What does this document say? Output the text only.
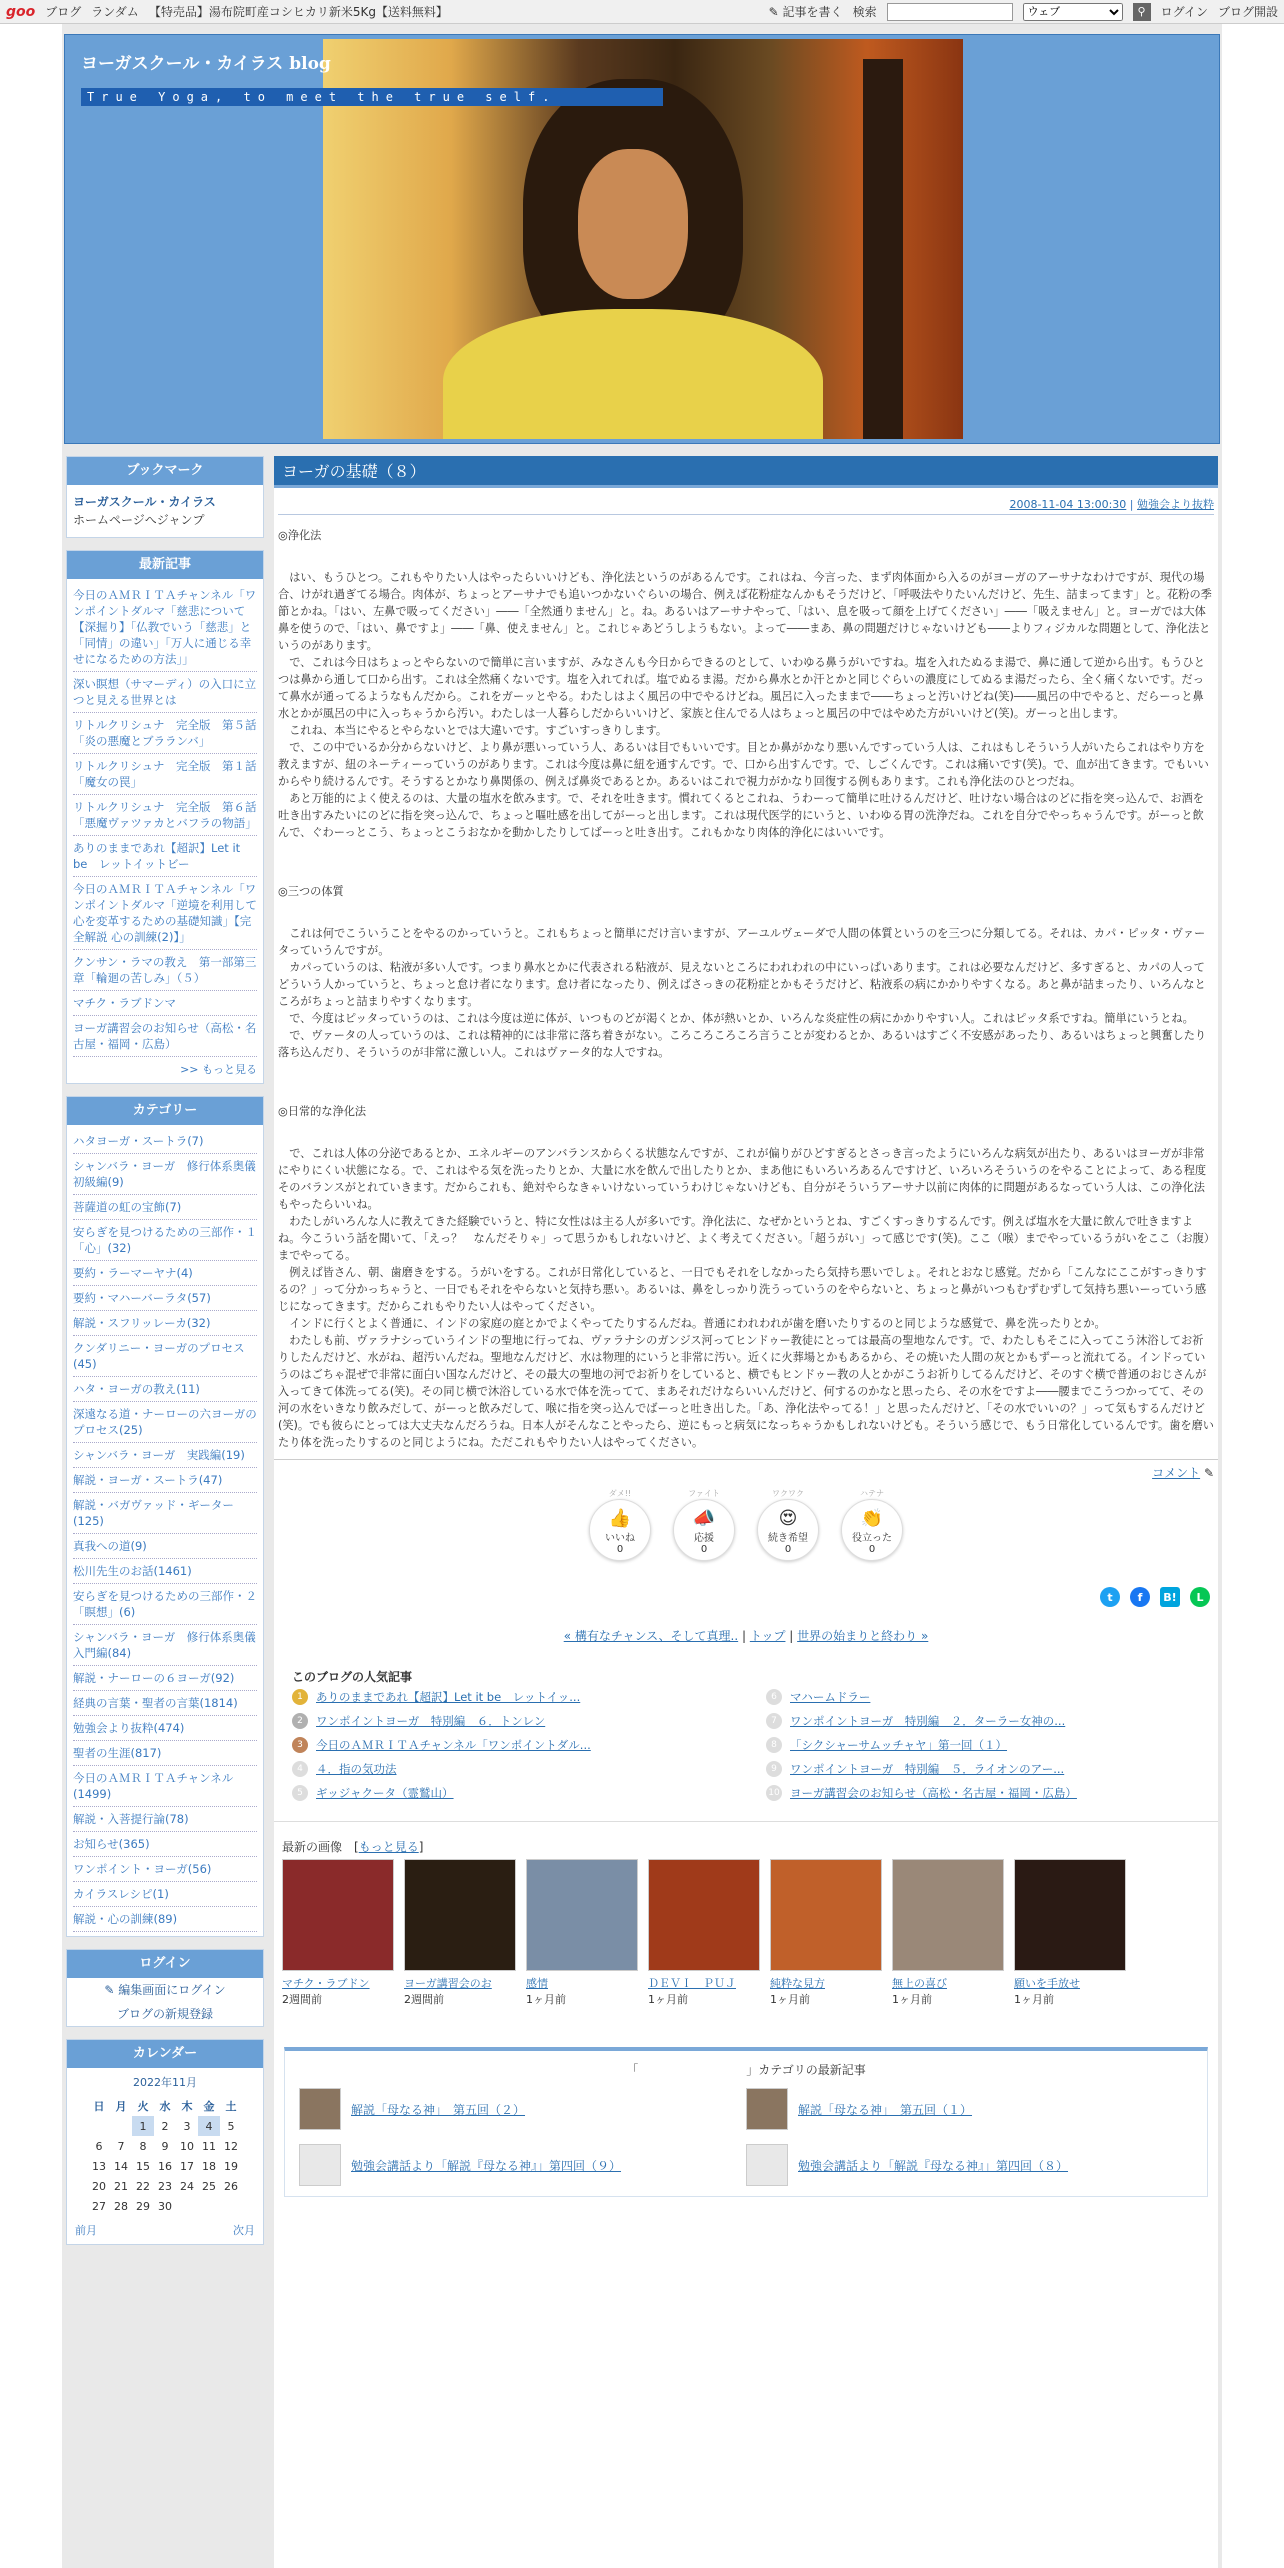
goo ブログ ランダム 【特売品】湯布院町産コシヒカリ新米5Kg【送料無料】	✎ 記事を書く 検索
ウェブ	⚲	ログイン ブログ開設
ヨーガスクール・カイラス blog
True Yoga, to meet the true self.
ブックマーク
ヨーガスクール・カイラス
ホームページへジャンプ
最新記事
今日のＡＭＲＩＴＡチャンネル「ワンポイントダルマ「慈悲について【深掘り】「仏教でいう「慈悲」と「同情」の違い」「万人に通じる幸せになるための方法」」
深い瞑想（サマーディ）の入口に立つと見える世界とは
リトルクリシュナ　完全版　第５話「炎の悪魔とブラランバ」
リトルクリシュナ　完全版　第１話「魔女の罠」
リトルクリシュナ　完全版　第６話「悪魔ヴァツァカとバフラの物語」
ありのままであれ【超訳】Let it be　レットイットビー
今日のＡＭＲＩＴＡチャンネル「ワンポイントダルマ「逆境を利用して心を変革するための基礎知識」【完全解説 心の訓練(2)】」
クンサン・ラマの教え　第一部第三章「輪廻の苦しみ」（５）
マチク・ラブドンマ
ヨーガ講習会のお知らせ（高松・名古屋・福岡・広島）
>> もっと見る
カテゴリー
ハタヨーガ・スートラ(7)
シャンバラ・ヨーガ　修行体系奥儀　初級編(9)
菩薩道の虹の宝飾(7)
安らぎを見つけるための三部作・１「心」(32)
要約・ラーマーヤナ(4)
要約・マハーバーラタ(57)
解説・スフリッレーカ(32)
クンダリニー・ヨーガのプロセス(45)
ハタ・ヨーガの教え(11)
深遠なる道・ナーローの六ヨーガのプロセス(25)
シャンバラ・ヨーガ　実践編(19)
解説・ヨーガ・スートラ(47)
解説・バガヴァッド・ギーター(125)
真我への道(9)
松川先生のお話(1461)
安らぎを見つけるための三部作・２「瞑想」(6)
シャンバラ・ヨーガ　修行体系奥儀　入門編(84)
解説・ナーローの６ヨーガ(92)
経典の言葉・聖者の言葉(1814)
勉強会より抜粋(474)
聖者の生涯(817)
今日のＡＭＲＩＴＡチャンネル(1499)
解説・入菩提行論(78)
お知らせ(365)
ワンポイント・ヨーガ(56)
カイラスレシピ(1)
解説・心の訓練(89)
ログイン
✎ 編集画面にログイン
ブログの新規登録
カレンダー
2022年11月
日	月	火	水	木	金	土
		1	2	3	4	5
6	7	8	9	10	11	12
13	14	15	16	17	18	19
20	21	22	23	24	25	26
27	28	29	30			
前月	次月
ヨーガの基礎（８）
2008-11-04 13:00:30 | 勉強会より抜粋

◎浄化法

　はい、もうひとつ。これもやりたい人はやったらいいけども、浄化法というのがあるんです。これはね、今言った、まず肉体面から入るのがヨーガのアーサナなわけですが、現代の場合、けがれ過ぎてる場合。肉体が、ちょっとアーサナでも追いつかないぐらいの場合、例えば花粉症なんかもそうだけど、「呼吸法やりたいんだけど、先生、詰まってます」と。花粉の季節とかね。「はい、左鼻で吸ってください」――「全然通りません」と。ね。あるいはアーサナやって、「はい、息を吸って顔を上げてください」――「吸えません」と。ヨーガでは大体鼻を使うので、「はい、鼻ですよ」――「鼻、使えません」と。これじゃあどうしようもない。よって――まあ、鼻の問題だけじゃないけども――よりフィジカルな問題として、浄化法というのがあります。

　で、これは今日はちょっとやらないので簡単に言いますが、みなさんも今日からできるのとして、いわゆる鼻うがいですね。塩を入れたぬるま湯で、鼻に通して逆から出す。もうひとつは鼻から通して口から出す。これは全然痛くないです。塩を入れてれば。塩でぬるま湯。だから鼻水とか汗とかと同じぐらいの濃度にしてぬるま湯だったら、全く痛くないです。だって鼻水が通ってるようなもんだから。これをガーッとやる。わたしはよく風呂の中でやるけどね。風呂に入ったままで――ちょっと汚いけどね(笑)――風呂の中でやると、だらーっと鼻水とかが風呂の中に入っちゃうから汚い。わたしは一人暮らしだからいいけど、家族と住んでる人はちょっと風呂の中ではやめた方がいいけど(笑)。ガーっと出します。

　これね、本当にやるとやらないとでは大違いです。すごいすっきりします。

　で、この中でいるか分からないけど、より鼻が悪いっていう人、あるいは目でもいいです。目とか鼻がかなり悪いんですっていう人は、これはもしそういう人がいたらこれはやり方を教えますが、紐のネーティーっていうのがあります。これは今度は鼻に紐を通すんです。で、口から出すんです。で、しごくんです。これは痛いです(笑)。で、血が出てきます。でもいいからやり続けるんです。そうするとかなり鼻関係の、例えば鼻炎であるとか。あるいはこれで視力がかなり回復する例もあります。これも浄化法のひとつだね。

　あと万能的によく使えるのは、大量の塩水を飲みます。で、それを吐きます。慣れてくるとこれね、うわーって簡単に吐けるんだけど、吐けない場合はのどに指を突っ込んで、お酒を吐き出すみたいにのどに指を突っ込んで、ちょっと嘔吐感を出してがーっと出します。これは現代医学的にいうと、いわゆる胃の洗浄だね。これを自分でやっちゃうんです。がーっと飲んで、ぐわーっとこう、ちょっとこうおなかを動かしたりしてばーっと吐き出す。これもかなり肉体的浄化にはいいです。

◎三つの体質

　これは何でこういうことをやるのかっていうと。これもちょっと簡単にだけ言いますが、アーユルヴェーダで人間の体質というのを三つに分類してる。それは、カパ・ピッタ・ヴァータっていうんですが。

　カパっていうのは、粘液が多い人です。つまり鼻水とかに代表される粘液が、見えないところにわれわれの中にいっぱいあります。これは必要なんだけど、多すぎると、カパの人ってどういう人かっていうと、ちょっと怠け者になります。怠け者になったり、例えばさっきの花粉症とかもそうだけど、粘液系の病にかかりやすくなる。あと鼻が詰まったり、いろんなところがちょっと詰まりやすくなります。

　で、今度はピッタっていうのは、これは今度は逆に体が、いつものどが渇くとか、体が熱いとか、いろんな炎症性の病にかかりやすい人。これはピッタ系ですね。簡単にいうとね。

　で、ヴァータの人っていうのは、これは精神的には非常に落ち着きがない。ころころころころ言うことが変わるとか、あるいはすごく不安感があったり、あるいはちょっと興奮したり落ち込んだり、そういうのが非常に激しい人。これはヴァータ的な人ですね。

◎日常的な浄化法

　で、これは人体の分泌であるとか、エネルギーのアンバランスからくる状態なんですが、これが偏りがひどすぎるとさっき言ったようにいろんな病気が出たり、あるいはヨーガが非常にやりにくい状態になる。で、これはやる気を洗ったりとか、大量に水を飲んで出したりとか、まあ他にもいろいろあるんですけど、いろいろそういうのをやることによって、ある程度そのバランスがとれていきます。だからこれも、絶対やらなきゃいけないっていうわけじゃないけども、自分がそういうアーサナ以前に肉体的に問題があるなっていう人は、この浄化法もやったらいいね。

　わたしがいろんな人に教えてきた経験でいうと、特に女性はは主る人が多いです。浄化法に、なぜかというとね、すごくすっきりするんです。例えば塩水を大量に飲んで吐きますよね。今こういう話を聞いて、「えっ？　なんだそりゃ」って思うかもしれないけど、よく考えてください。「超うがい」って感じです(笑)。ここ（喉）までやっているうがいをここ（お腹）までやってる。

　例えば皆さん、朝、歯磨きをする。うがいをする。これが日常化していると、一日でもそれをしなかったら気持ち悪いでしょ。それとおなじ感覚。だから「こんなにここがすっきりするの？」って分かっちゃうと、一日でもそれをやらないと気持ち悪い。あるいは、鼻をしっかり洗うっていうのをやらないと、ちょっと鼻がいつもむずむずして気持ち悪いーっていう感じになってきます。だからこれもやりたい人はやってください。

　インドに行くとよく普通に、インドの家庭の庭とかでよくやってたりするんだね。普通にわれわれが歯を磨いたりするのと同じような感覚で、鼻を洗ったりとか。

　わたしも前、ヴァラナシっていうインドの聖地に行ってね、ヴァラナシのガンジス河ってヒンドゥー教徒にとっては最高の聖地なんです。で、わたしもそこに入ってこう沐浴してお祈りしたんだけど、水がね、超汚いんだね。聖地なんだけど、水は物理的にいうと非常に汚い。近くに火葬場とかもあるから、その焼いた人間の灰とかもずーっと流れてる。インドっていうのはごちゃ混ぜで非常に面白い国なんだけど、その最大の聖地の河でお祈りをしていると、横でもヒンドゥー教の人とかがこうお祈りしてるんだけど、そのすぐ横で普通のおじさんが入ってきて体洗ってる(笑)。その同じ横で沐浴している水で体を洗ってて、まあそれだけならいいんだけど、何するのかなと思ったら、その水をですよ――腰までこうつかってて、その河の水をいきなり飲みだして、がーっと飲みだして、喉に指を突っ込んでばーっと吐き出した。「あ、浄化法やってる！」と思ったんだけど、「その水でいいの？」って気もするんだけど(笑)。でも彼らにとっては大丈夫なんだろうね。日本人がそんなことやったら、逆にもっと病気になっちゃうかもしれないけども。そういう感じで、もう日常化しているんです。歯を磨いたり体を洗ったりするのと同じようにね。ただこれもやりたい人はやってください。

コメント ✎
ダメ!!
👍
いいね
0
ファイト
📣
応援
0
ワクワク
😍
続き希望
0
ハテナ
👏
役立った
0
t	f	B!	L
« 構有なチャンス、そして真理.. | トップ | 世界の始まりと終わり »
このブログの人気記事
1	ありのままであれ【超訳】Let it be　レットイッ...	6	マハームドラー
2	ワンポイントヨーガ　特別編　６．トンレン	7	ワンポイントヨーガ　特別編　２．ターラー女神の...
3	今日のＡＭＲＩＴＡチャンネル「ワンポイントダル...	8	「シクシャーサムッチャヤ」第一回（１）
4	４．指の気功法	9	ワンポイントヨーガ　特別編　５．ライオンのアー...
5	ギッジャクータ（霊鷲山）	10 ヨーガ講習会のお知らせ（高松・名古屋・福岡・広島）
最新の画像　[もっと見る]
マチク・ラブドン
2週間前
ヨーガ講習会のお
2週間前
感情
1ヶ月前
ＤＥＶＩ　ＰＵＪ
1ヶ月前
純粋な見方
1ヶ月前
無上の喜び
1ヶ月前
願いを手放せ
1ヶ月前
「　　　　　　　　　」カテゴリの最新記事
解説「母なる神」　第五回（２）	解説「母なる神」　第五回（１）
勉強会講話より「解説『母なる神』」第四回（９）	勉強会講話より「解説『母なる神』」第四回（８）
